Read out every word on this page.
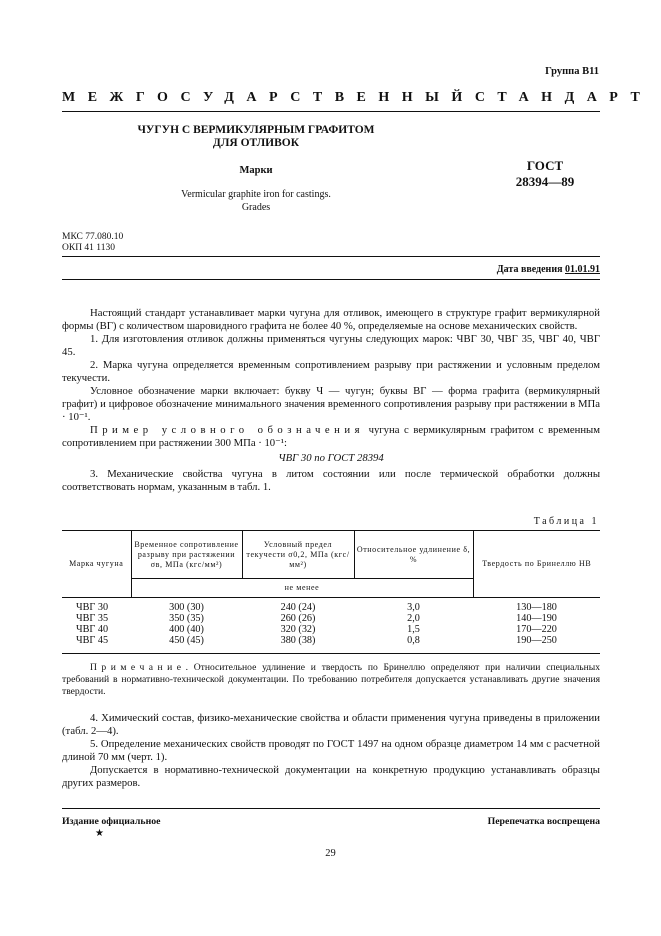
Группа В11
МЕЖГОСУДАРСТВЕННЫЙ СТАНДАРТ
ЧУГУН С ВЕРМИКУЛЯРНЫМ ГРАФИТОМ
ДЛЯ ОТЛИВОК
Марки
Vermicular graphite iron for castings.
Grades
ГОСТ
28394—89
МКС 77.080.10
ОКП 41 1130
Дата введения 01.01.91

Настоящий стандарт устанавливает марки чугуна для отливок, имеющего в структуре графит вермикулярной формы (ВГ) с количеством шаровидного графита не более 40 %, определяемые на основе механических свойств.

1. Для изготовления отливок должны применяться чугуны следующих марок: ЧВГ 30, ЧВГ 35, ЧВГ 40, ЧВГ 45.

2. Марка чугуна определяется временным сопротивлением разрыву при растяжении и условным пределом текучести.

Условное обозначение марки включает: букву Ч — чугун; буквы ВГ — форма графита (вермикулярный графит) и цифровое обозначение минимального значения временного сопротивления разрыву при растяжении в МПа · 10⁻¹.

Пример условного обозначения чугуна с вермикулярным графитом с временным сопротивлением при растяжении 300 МПа · 10⁻¹:

ЧВГ 30 по ГОСТ 28394

3. Механические свойства чугуна в литом состоянии или после термической обработки должны соответствовать нормам, указанным в табл. 1.

Таблица 1
Марка чугуна	Временное сопротивление разрыву при растяжении σв, МПа (кгс/мм²)	Условный предел текучести σ0,2, МПа (кгс/мм²)	Относительное удлинение δ, %	Твердость по Бринеллю НВ
	не менее			

ЧВГ 30	300 (30)	240 (24)	3,0	130—180
ЧВГ 35	350 (35)	260 (26)	2,0	140—190
ЧВГ 40	400 (40)	320 (32)	1,5	170—220
ЧВГ 45	450 (45)	380 (38)	0,8	190—250
Примечание. Относительное удлинение и твердость по Бринеллю определяют при наличии специальных требований в нормативно-технической документации. По требованию потребителя допускается устанавливать другие значения твердости.

4. Химический состав, физико-механические свойства и области применения чугуна приведены в приложении (табл. 2—4).

5. Определение механических свойств проводят по ГОСТ 1497 на одном образце диаметром 14 мм с расчетной длиной 70 мм (черт. 1).

Допускается в нормативно-технической документации на конкретную продукцию устанавливать образцы других размеров.

Издание официальное	Перепечатка воспрещена
★
29
